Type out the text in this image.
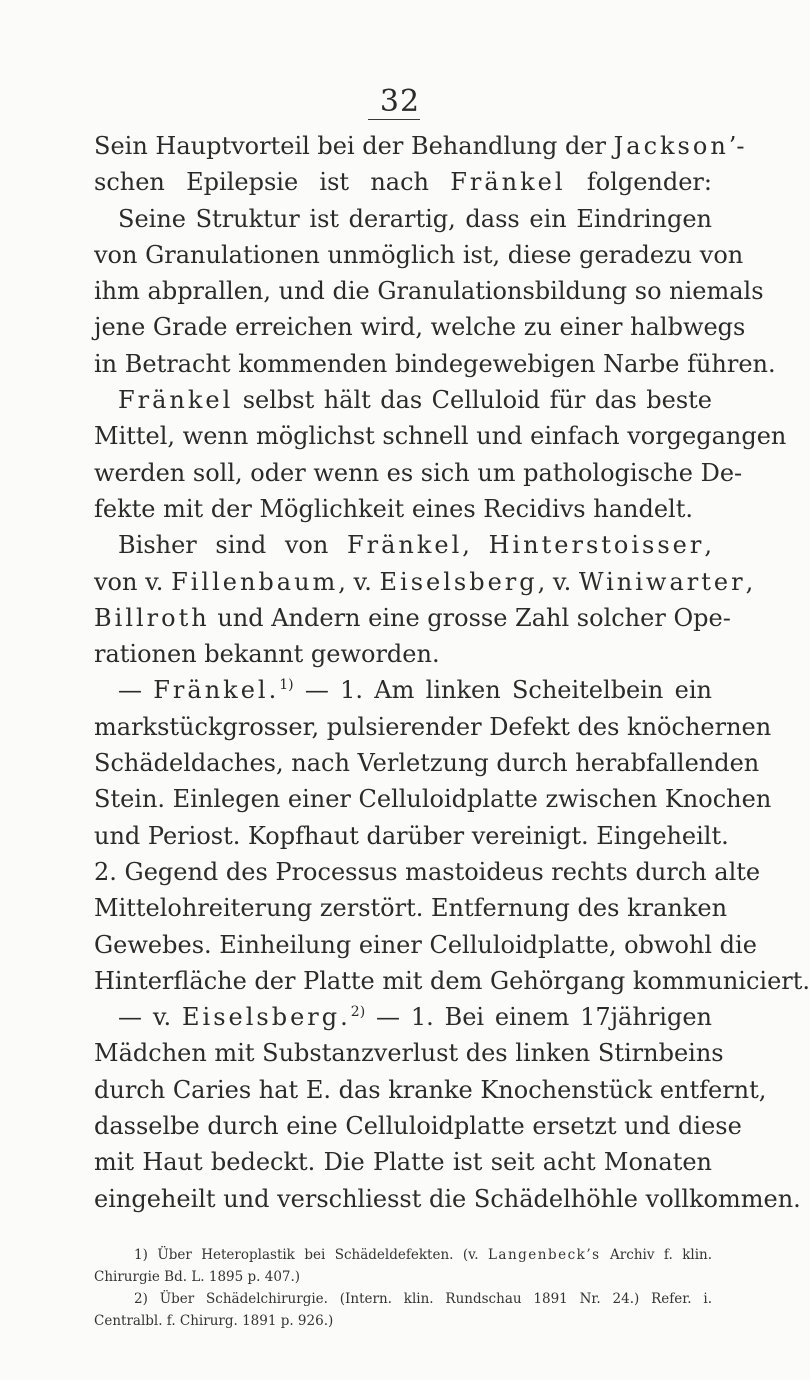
32
Sein Hauptvorteil bei der Behandlung der Jackson’-
schen Epilepsie ist nach Fränkel folgender:
Seine Struktur ist derartig, dass ein Eindringen
von Granulationen unmöglich ist, diese geradezu von
ihm abprallen, und die Granulationsbildung so niemals
jene Grade erreichen wird, welche zu einer halbwegs
in Betracht kommenden bindegewebigen Narbe führen.
Fränkel selbst hält das Celluloid für das beste
Mittel, wenn möglichst schnell und einfach vorgegangen
werden soll, oder wenn es sich um pathologische De-
fekte mit der Möglichkeit eines Recidivs handelt.
Bisher sind von Fränkel, Hinterstoisser,
von v. Fillenbaum, v. Eiselsberg, v. Winiwarter,
Billroth und Andern eine grosse Zahl solcher Ope-
rationen bekannt geworden.
— Fränkel.$^{1)}$ — 1. Am linken Scheitelbein ein
markstückgrosser, pulsierender Defekt des knöchernen
Schädeldaches, nach Verletzung durch herabfallenden
Stein. Einlegen einer Celluloidplatte zwischen Knochen
und Periost. Kopfhaut darüber vereinigt. Eingeheilt.
2. Gegend des Processus mastoideus rechts durch alte
Mittelohreiterung zerstört. Entfernung des kranken
Gewebes. Einheilung einer Celluloidplatte, obwohl die
Hinterfläche der Platte mit dem Gehörgang kommuniciert.
— v. Eiselsberg.$^{2)}$ — 1. Bei einem 17jährigen
Mädchen mit Substanzverlust des linken Stirnbeins
durch Caries hat E. das kranke Knochenstück entfernt,
dasselbe durch eine Celluloidplatte ersetzt und diese
mit Haut bedeckt. Die Platte ist seit acht Monaten
eingeheilt und verschliesst die Schädelhöhle vollkommen.
1) Über Heteroplastik bei Schädeldefekten. (v. Langenbeck’s Archiv f. klin.
Chirurgie Bd. L. 1895 p. 407.)
2) Über Schädelchirurgie. (Intern. klin. Rundschau 1891 Nr. 24.) Refer. i.
Centralbl. f. Chirurg. 1891 p. 926.)
